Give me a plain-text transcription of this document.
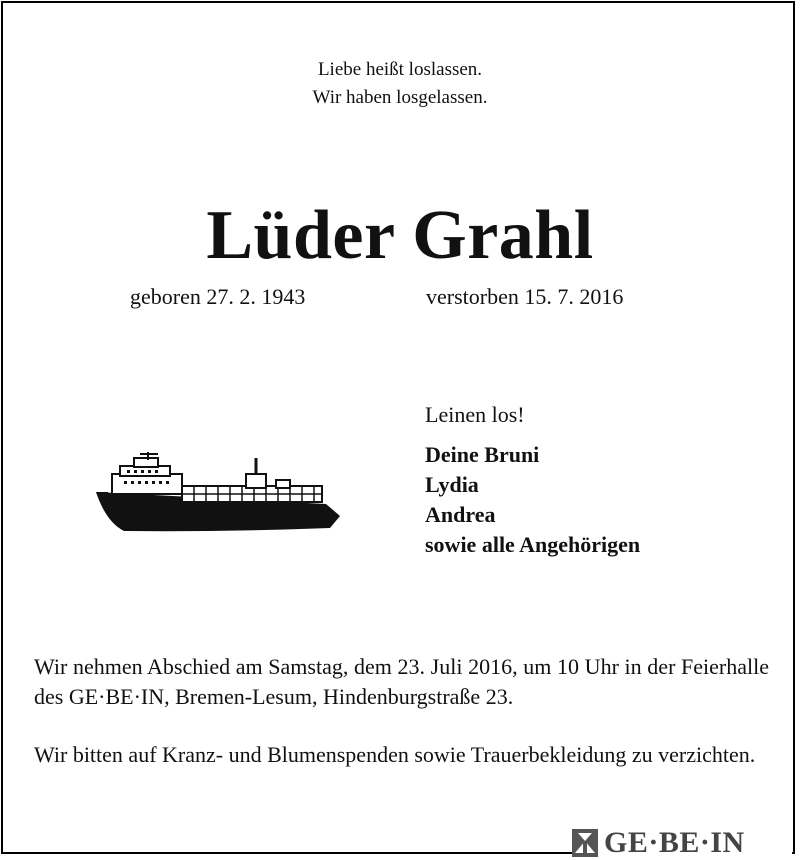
Liebe heißt loslassen.
Wir haben losgelassen.
Lüder Grahl
geboren 27. 2. 1943	verstorben 15. 7. 2016
Leinen los!
Deine Bruni
Lydia
Andrea
sowie alle Angehörigen
Wir nehmen Abschied am Samstag, dem 23. Juli 2016, um 10 Uhr in der Feierhalle des GE·BE·IN, Bremen-Lesum, Hindenburgstraße 23.
Wir bitten auf Kranz- und Blumenspenden sowie Trauerbekleidung zu verzichten.
GE·BE·IN
